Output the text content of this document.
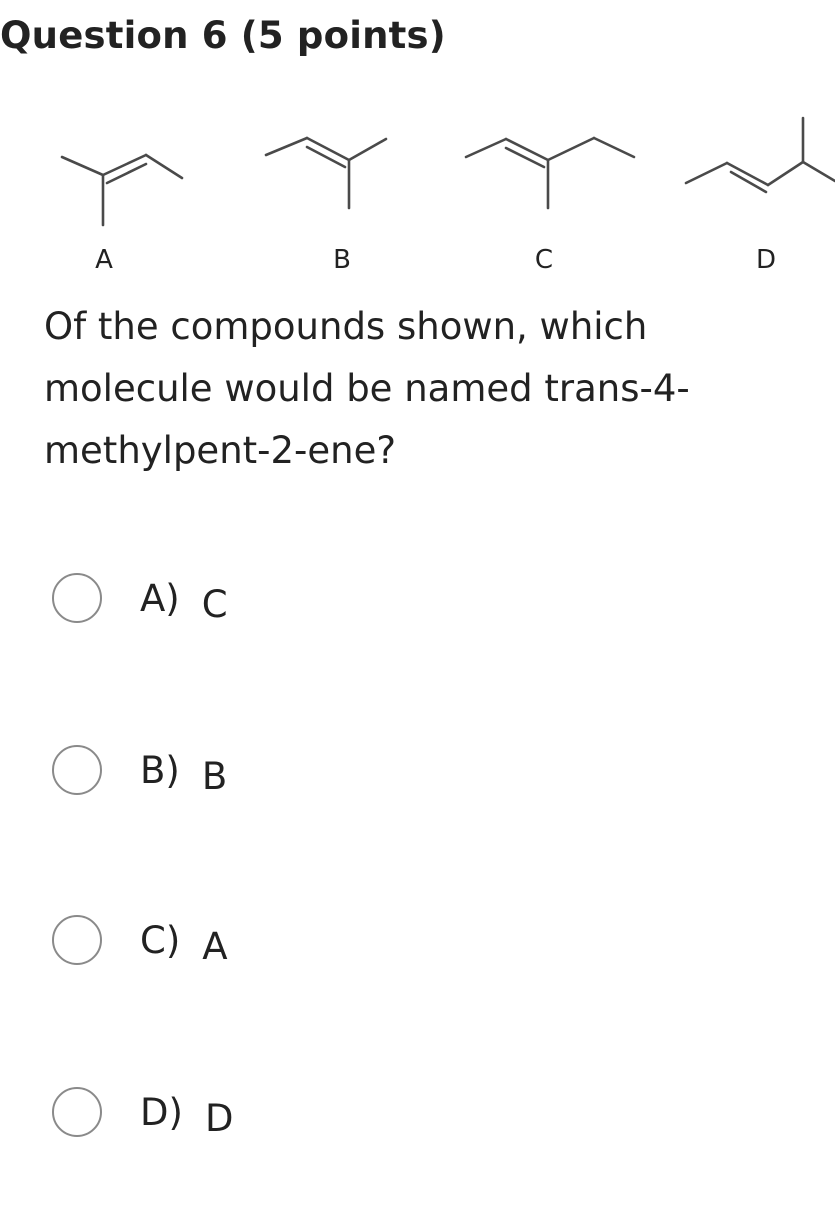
Question 6 (5 points)
A	B	C	D
Of the compounds shown, which molecule would be named trans-4-methylpent-2-ene?
A) C
B) B
C) A
D) D
